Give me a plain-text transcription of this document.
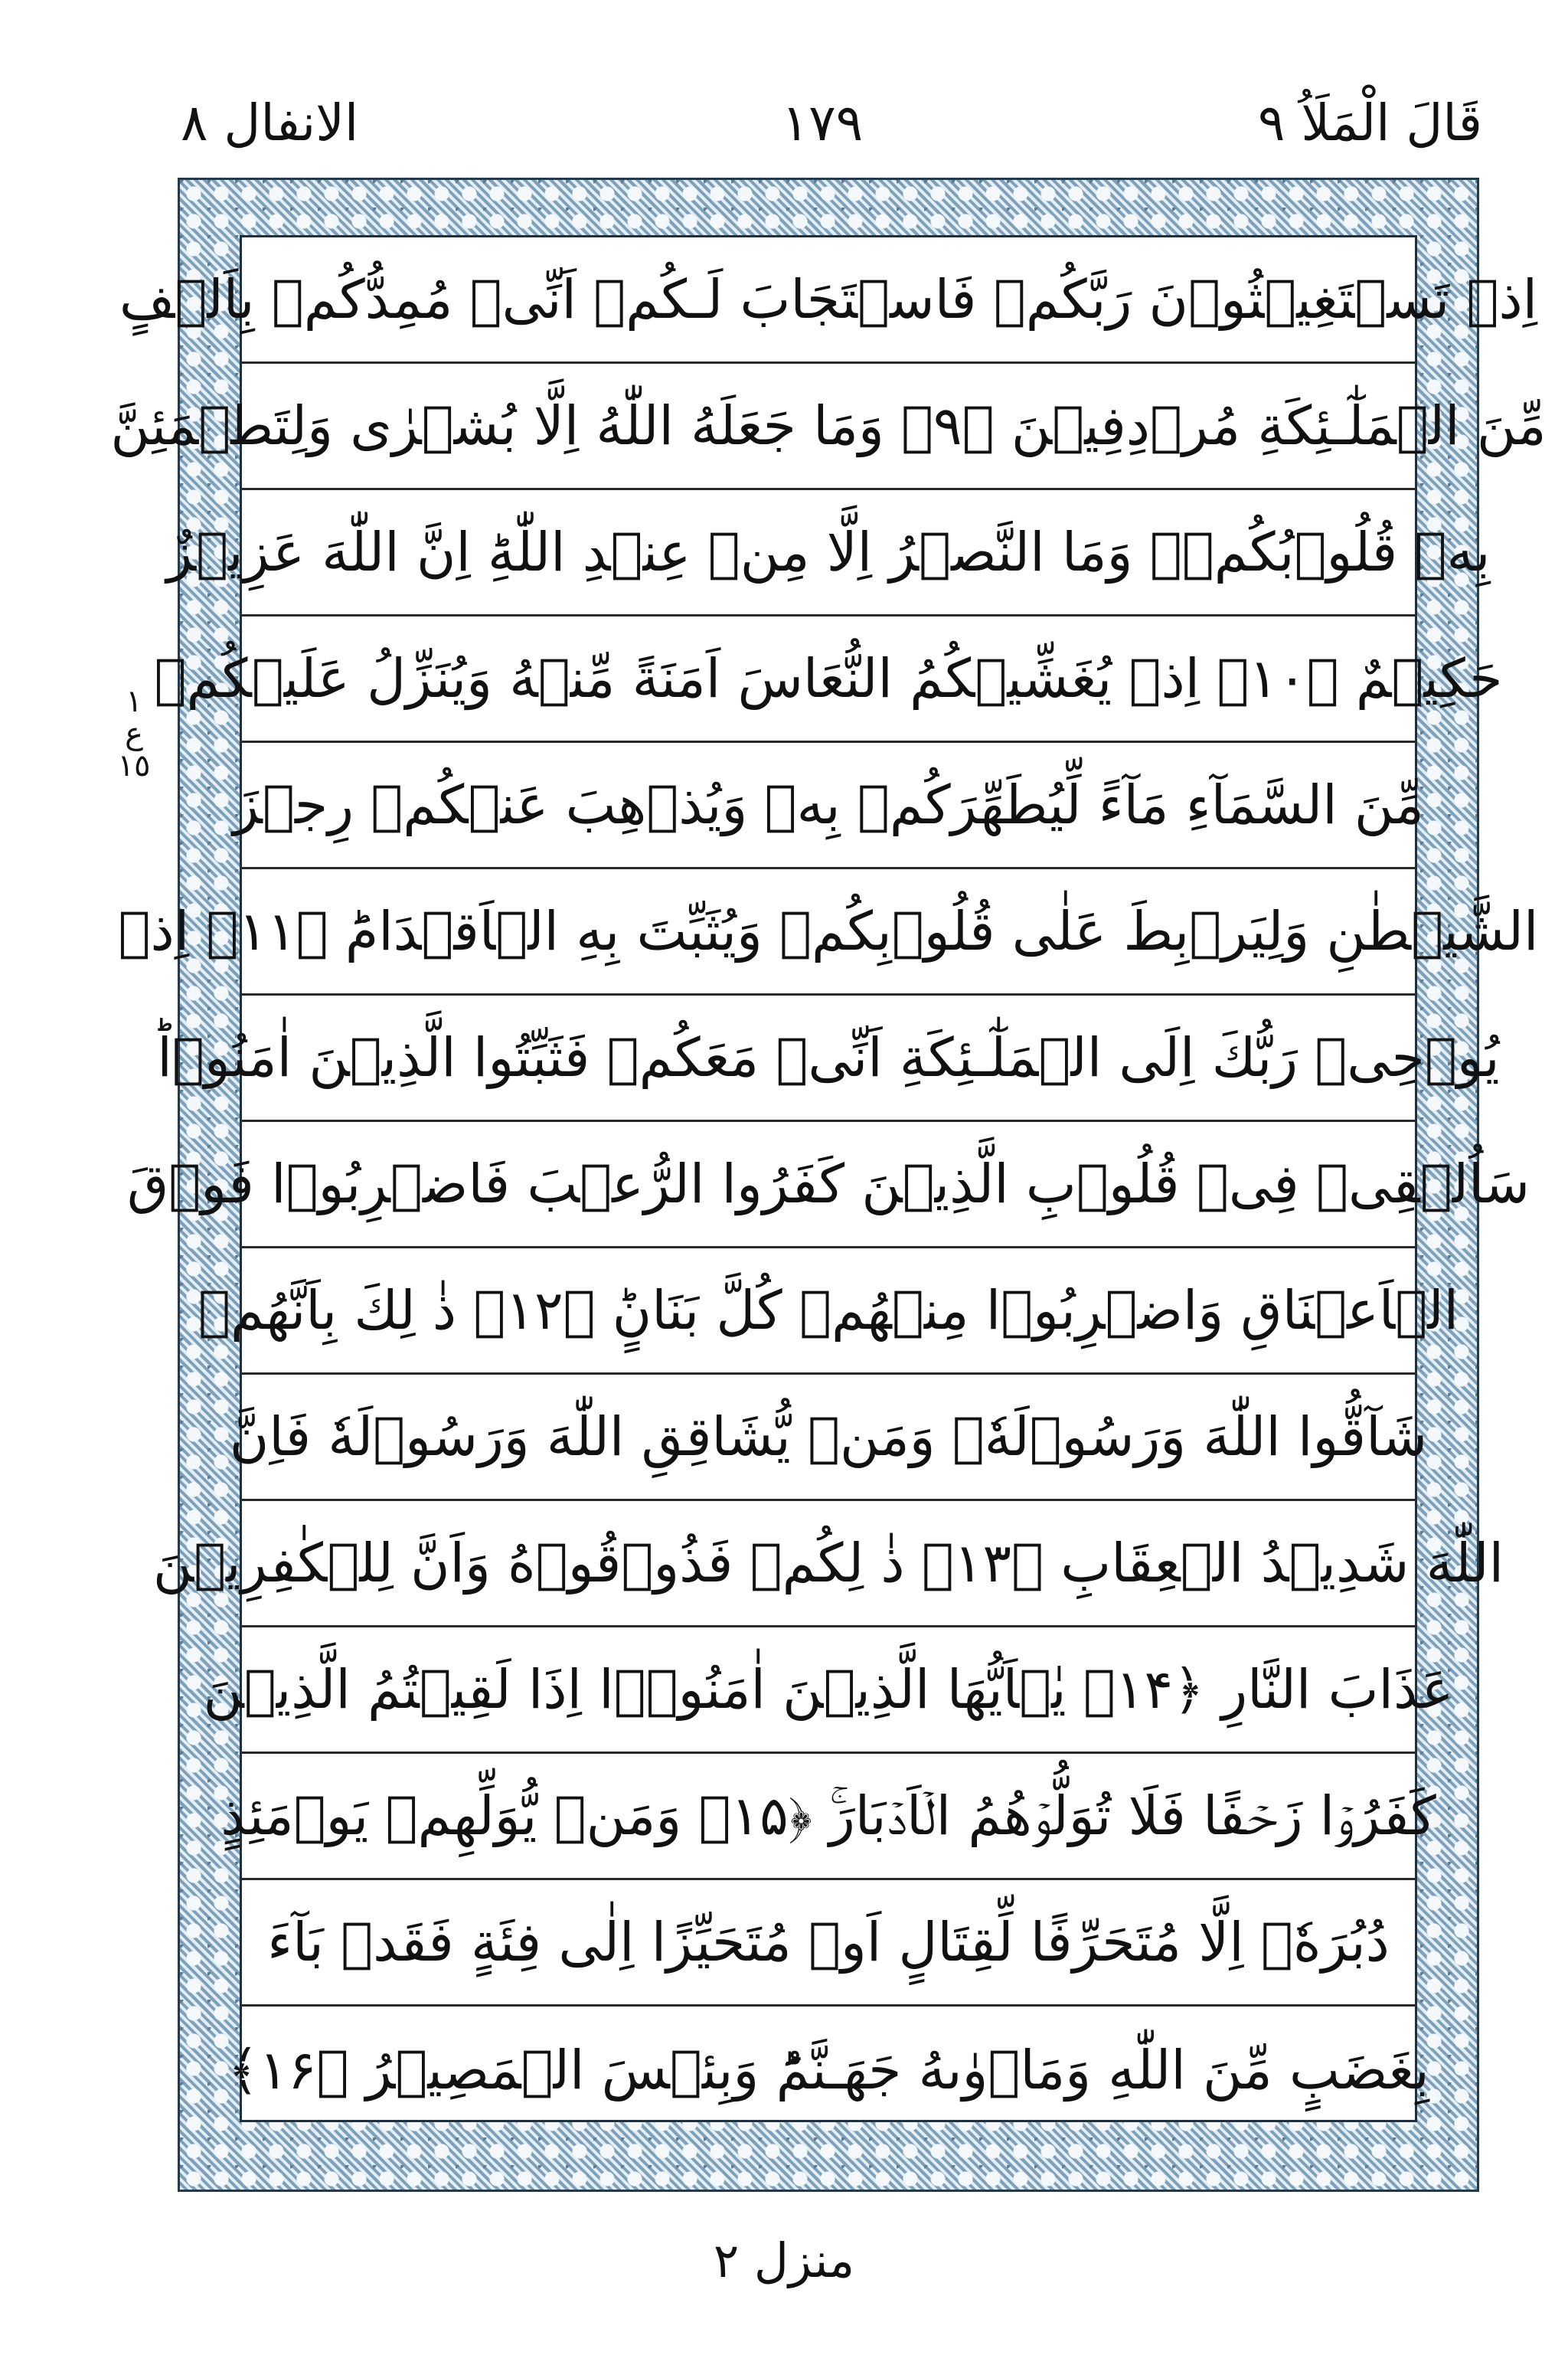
قَالَ الْمَلَاُ ٩
١٧٩
الانفال ٨
١
ع
١٥
اِذۡ تَسۡتَغِيۡثُوۡنَ رَبَّكُمۡ فَاسۡتَجَابَ لَـكُمۡ اَنِّىۡ مُمِدُّكُمۡ بِاَلۡفٍ
مِّنَ الۡمَلٰٓـئِكَةِ مُرۡدِفِيۡنَ ﴿۹﴾ وَمَا جَعَلَهُ اللّٰهُ اِلَّا بُشۡرٰى وَلِتَطۡمَئِنَّ
بِهٖ قُلُوۡبُكُمۡ‌ۚ وَمَا النَّصۡرُ اِلَّا مِنۡ عِنۡدِ اللّٰهِ‌ؕ اِنَّ اللّٰهَ عَزِيۡزٌ
حَكِيۡمٌ ﴿۱۰﴾ اِذۡ يُغَشِّيۡكُمُ النُّعَاسَ اَمَنَةً مِّنۡهُ وَيُنَزِّلُ عَلَيۡكُمۡ
مِّنَ السَّمَآءِ مَآءً لِّيُطَهِّرَكُمۡ بِهٖ وَيُذۡهِبَ عَنۡكُمۡ رِجۡزَ
الشَّيۡطٰنِ وَلِيَرۡبِطَ عَلٰى قُلُوۡبِكُمۡ وَيُثَبِّتَ بِهِ الۡاَقۡدَامَؕ ﴿۱۱﴾ اِذۡ
يُوۡحِىۡ رَبُّكَ اِلَى الۡمَلٰٓـئِكَةِ اَنِّىۡ مَعَكُمۡ فَثَبِّتُوا الَّذِيۡنَ اٰمَنُوۡاؕ
سَاُلۡقِىۡ فِىۡ قُلُوۡبِ الَّذِيۡنَ كَفَرُوا الرُّعۡبَ فَاضۡرِبُوۡا فَوۡقَ
الۡاَعۡنَاقِ وَاضۡرِبُوۡا مِنۡهُمۡ كُلَّ بَنَانٍؕ ﴿۱۲﴾ ذٰ لِكَ بِاَنَّهُمۡ
شَآقُّوا اللّٰهَ وَرَسُوۡلَهٗ‌ۚ وَمَنۡ يُّشَاقِقِ اللّٰهَ وَرَسُوۡلَهٗ فَاِنَّ
اللّٰهَ شَدِيۡدُ الۡعِقَابِ ﴿۱۳﴾ ذٰ لِكُمۡ فَذُوۡقُوۡهُ وَاَنَّ لِلۡكٰفِرِيۡنَ
عَذَابَ النَّارِ ﴿۱۴﴾ يٰۤاَيُّهَا الَّذِيۡنَ اٰمَنُوۡۤا اِذَا لَقِيۡتُمُ الَّذِيۡنَ
كَفَرُوۡا زَحۡفًا فَلَا تُوَلُّوۡهُمُ الۡاَدۡبَارَ‌ۚ ﴿۱۵﴾ وَمَنۡ يُّوَلِّهِمۡ يَوۡمَئِذٍ
دُبُرَهٗۤ اِلَّا مُتَحَرِّفًا لِّقِتَالٍ اَوۡ مُتَحَيِّزًا اِلٰى فِئَةٍ فَقَدۡ بَآءَ
بِغَضَبٍ مِّنَ اللّٰهِ وَمَاۡوٰٮهُ جَهَـنَّمُ‌ؕ وَبِئۡسَ الۡمَصِيۡرُ ﴿۱۶﴾
منزل ٢
